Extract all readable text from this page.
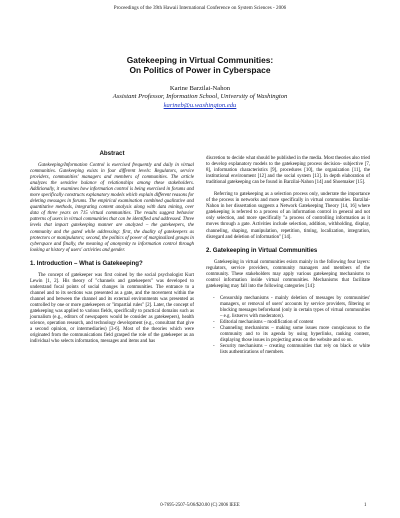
Proceedings of the 39th Hawaii International Conference on System Sciences - 2006
Gatekeeping in Virtual Communities:
On Politics of Power in Cyberspace
Karine Barzilai-Nahon
Assistant Professor, Information School, University of Washington
karineb@u.washington.edu
Abstract

Gatekeeping/Information Control is exercised frequently and daily in virtual communities. Gatekeeping exists in four different levels: Regulators, service providers, communities' managers and members of communities. The article analyzes the sensitive balance of relationships among these stakeholders. Additionally, it examines how information control is being exercised in forums and more specifically constructs explanatory models which explain different reasons for deleting messages in forums. The empirical examination combined qualitative and quantitative methods, integrating content analysis along with data mining, over data of three years on 715 virtual communities. The results suggest behavior patterns of users in virtual communities that can be identified and addressed. Three levels that impact gatekeeping manner are analyzed – the gatekeepers, the community and the gated while addressing: first, the duality of gatekeepers as protectors or manipulators; second, the politics of power of marginalized groups in cyberspace and finally, the meaning of anonymity to information control through looking at history of users' activities and gender.

1. Introduction – What is Gatekeeping?

The concept of gatekeeper was first coined by the social psychologist Kurt Lewin [1, 2]. His theory of "channels and gatekeepers" was developed to understand focal points of social changes in communities. The entrance to a channel and to its sections was presented as a gate, and the movement within the channel and between the channel and its external environments was presented as controlled by one or more gatekeepers or "impartial rules" [2]. Later, the concept of gatekeeping was applied to various fields, specifically to practical domains such as journalism (e.g., editors of newspapers would be consider as gatekeepers), health science, operation research, and technology development (e.g., consultant that give a second opinion, or intermediaries) [3-6]. Most of the theories which were originated from the communications field grasped the role of the gatekeeper as an individual who selects information, messages and items and has

discretion to decide what should be published in the media. Most theories also tried to develop explanatory models to the gatekeeping process decision- subjective [7, 8], information characteristics [9], procedures [10], the organization [11], the institutional environment [12] and the social system [13]. In depth elaboration of traditional gatekeeping can be found in Barzilai-Nahon [14] and Shoemaker [15].

Referring to gatekeeping as a selection process only, underrate the importance of the process in networks and more specifically in virtual communities. Barzilai-Nahon in her dissertation suggests a Network Gatekeeping Theory [14, 16] where gatekeeping is referred to a process of an information control in general and not only selection, and more specifically "a process of controlling information as it moves through a gate. Activities include selection, addition, withholding, display, channeling, shaping, manipulation, repetition, timing, localization, integration, disregard and deletion of information" [14].

2. Gatekeeping in Virtual Communities

Gatekeeping in virtual communities exists mainly in the following four layers: regulators, service providers, community managers and members of the community. These stakeholders may apply various gatekeeping mechanisms to control information inside virtual communities. Mechanisms that facilitate gatekeeping may fall into the following categories [14]:

- Censorship mechanisms - mainly deletion of messages by communities' managers, or removal of users' accounts by service providers, filtering or blocking messages beforehand (only in certain types of virtual communities – e.g. listservs with moderators).
- Editorial mechanisms – modification of content
- Channeling mechanisms – making some issues more conspicuous to the community and to its agenda by using hyperlinks, ranking content, displaying those issues in projecting areas on the website and so on.
- Security mechanisms – creating communities that rely on black or white lists authentications of members.
0-7695-2507-5/06/$20.00 (C) 2006 IEEE	1
